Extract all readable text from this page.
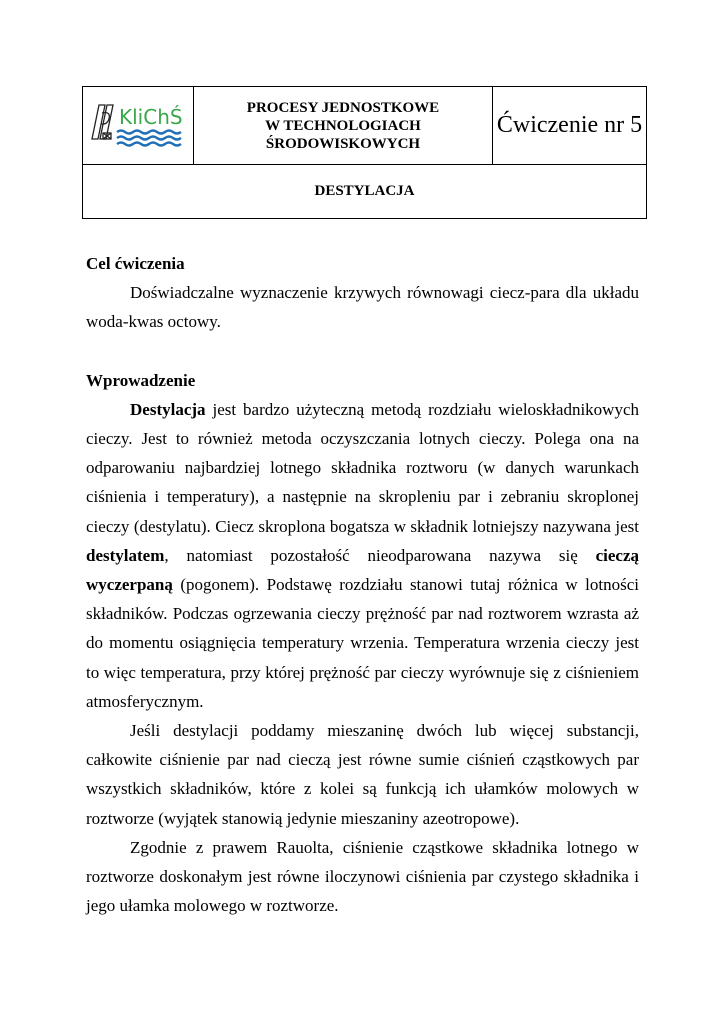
KliChŚ	PROCESY JEDNOSTKOWE
W TECHNOLOGIACH
ŚRODOWISKOWYCH
Ćwiczenie nr 5
DESTYLACJA

Cel ćwiczenia

Doświadczalne wyznaczenie krzywych równowagi ciecz-para dla układu woda-kwas octowy.

Wprowadzenie

Destylacja jest bardzo użyteczną metodą rozdziału wieloskładnikowych cieczy. Jest to również metoda oczyszczania lotnych cieczy. Polega ona na odparowaniu najbardziej lotnego składnika roztworu (w danych warunkach ciśnienia i temperatury), a następnie na skropleniu par i zebraniu skroplonej cieczy (destylatu). Ciecz skroplona bogatsza w składnik lotniejszy nazywana jest destylatem, natomiast pozostałość nieodparowana nazywa się cieczą wyczerpaną (pogonem). Podstawę rozdziału stanowi tutaj różnica w lotności składników. Podczas ogrzewania cieczy prężność par nad roztworem wzrasta aż do momentu osiągnięcia temperatury wrzenia. Temperatura wrzenia cieczy jest to więc temperatura, przy której prężność par cieczy wyrównuje się z ciśnieniem atmosferycznym.

Jeśli destylacji poddamy mieszaninę dwóch lub więcej substancji, całkowite ciśnienie par nad cieczą jest równe sumie ciśnień cząstkowych par wszystkich składników, które z kolei są funkcją ich ułamków molowych w roztworze (wyjątek stanowią jedynie mieszaniny azeotropowe).

Zgodnie z prawem Rauolta, ciśnienie cząstkowe składnika lotnego w roztworze doskonałym jest równe iloczynowi ciśnienia par czystego składnika i jego ułamka molowego w roztworze.
